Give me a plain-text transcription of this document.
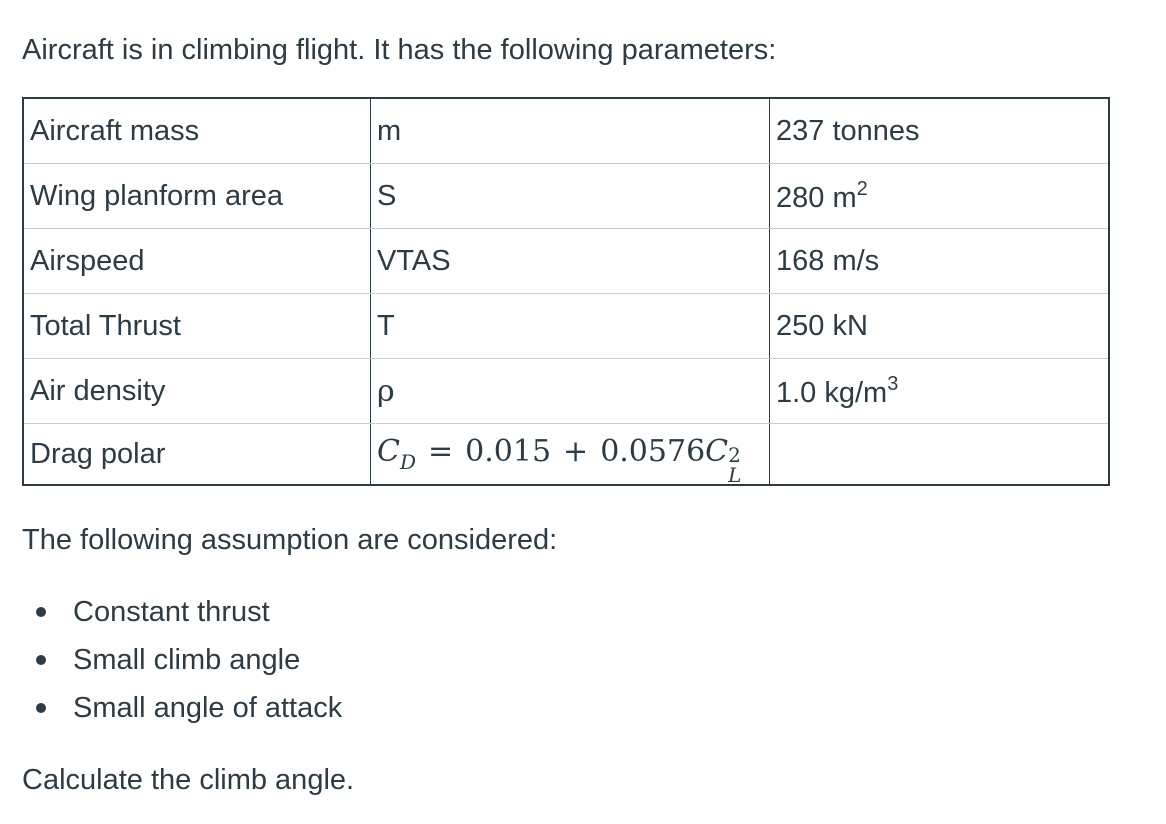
Aircraft is in climbing flight. It has the following parameters:

Aircraft mass	m	237 tonnes
Wing planform area	S	280 $m^2$
Airspeed	VTAS	168 m/s
Total Thrust	T	250 kN
Air density	ρ	1.0 $kg/m^3$
Drag polar	$C_D = 0.015 + 0.0576C$ 2
L	

The following assumption are considered:

Constant thrust
Small climb angle
Small angle of attack

Calculate the climb angle.
